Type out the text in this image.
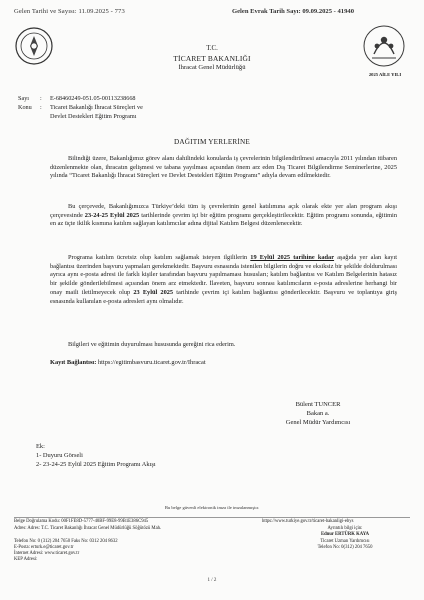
Gelen Tarihi ve Sayısı: 11.09.2025 - 773	Gelen Evrak Tarih Sayı: 09.09.2025 - 41940
2025 AİLE YILI
T.C.
TİCARET BAKANLIĞI
İhracat Genel Müdürlüğü
Sayı : E-68460249-051.05-00113238668
Konu : Ticaret Bakanlığı İhracat Süreçleri ve
Devlet Destekleri Eğitim Programı
DAĞITIM YERLERİNE

Bilindiği üzere, Bakanlığımız görev alanı dahilindeki konularda iş çevrelerinin bilgilendirilmesi amacıyla 2011 yılından itibaren düzenlenmekte olan, ihracatın gelişmesi ve tabana yayılması açısından önem arz eden Dış Ticaret Bilgilendirme Seminerlerine, 2025 yılında “Ticaret Bakanlığı İhracat Süreçleri ve Devlet Destekleri Eğitim Programı” adıyla devam edilmektedir.

Bu çerçevede, Bakanlığımızca Türkiye’deki tüm iş çevrelerinin genel katılımına açık olarak ekte yer alan program akışı çerçevesinde 23-24-25 Eylül 2025 tarihlerinde çevrim içi bir eğitim programı gerçekleştirilecektir. Eğitim programı sonunda, eğitimin en az üçte ikilik kısmına katılım sağlayan katılımcılar adına dijital Katılım Belgesi düzenlenecektir.

Programa katılım ücretsiz olup katılım sağlamak isteyen ilgililerin 19 Eylül 2025 tarihine kadar aşağıda yer alan kayıt bağlantısı üzerinden başvuru yapmaları gerekmektedir. Başvuru esnasında istenilen bilgilerin doğru ve eksiksiz bir şekilde doldurulması ayrıca aynı e-posta adresi ile farklı kişiler tarafından başvuru yapılmaması hususları; katılım bağlantısı ve Katılım Belgelerinin hatasız bir şekilde gönderilebilmesi açısından önem arz etmektedir. İlaveten, başvuru sonrası katılımcıların e-posta adreslerine herhangi bir onay maili iletilmeyecek olup 23 Eylül 2025 tarihinde çevrim içi katılım bağlantısı gönderilecektir. Başvuru ve toplantıya giriş esnasında kullanılan e-posta adresleri aynı olmalıdır.

Bilgileri ve eğitimin duyurulması hususunda gereğini rica ederim.

Kayıt Bağlantısı: https://egitimbasvuru.ticaret.gov.tr/Ihracat
Bülent TUNCER
Bakan a.
Genel Müdür Yardımcısı
Ek:
1- Duyuru Görseli
2- 23-24-25 Eylül 2025 Eğitim Programı Akışı
Bu belge güvenli elektronik imza ile imzalanmıştır.
Belge Doğrulama Kodu: 00F1FE8D-5777-40BF-99E8-99B1E386C945	https://www.turkiye.gov.tr/ticaret-bakanligi-ebys
Adres: Adres: T.C. Ticaret Bakanlığı İhracat Genel Müdürlüğü Söğütözü Mah.
Telefon No: 0 (312) 204 7650 Faks No: 0312 204 8632
E-Posta: erturk.e@ticaret.gov.tr
İnternet Adresi: www.ticaret.gov.tr
KEP Adresi:
Ayrıntılı bilgi için:
Ednur ERTÜRK KAYA
Ticaret Uzman Yardımcısı
Telefon No: 0(312) 204 7650
1 / 2
